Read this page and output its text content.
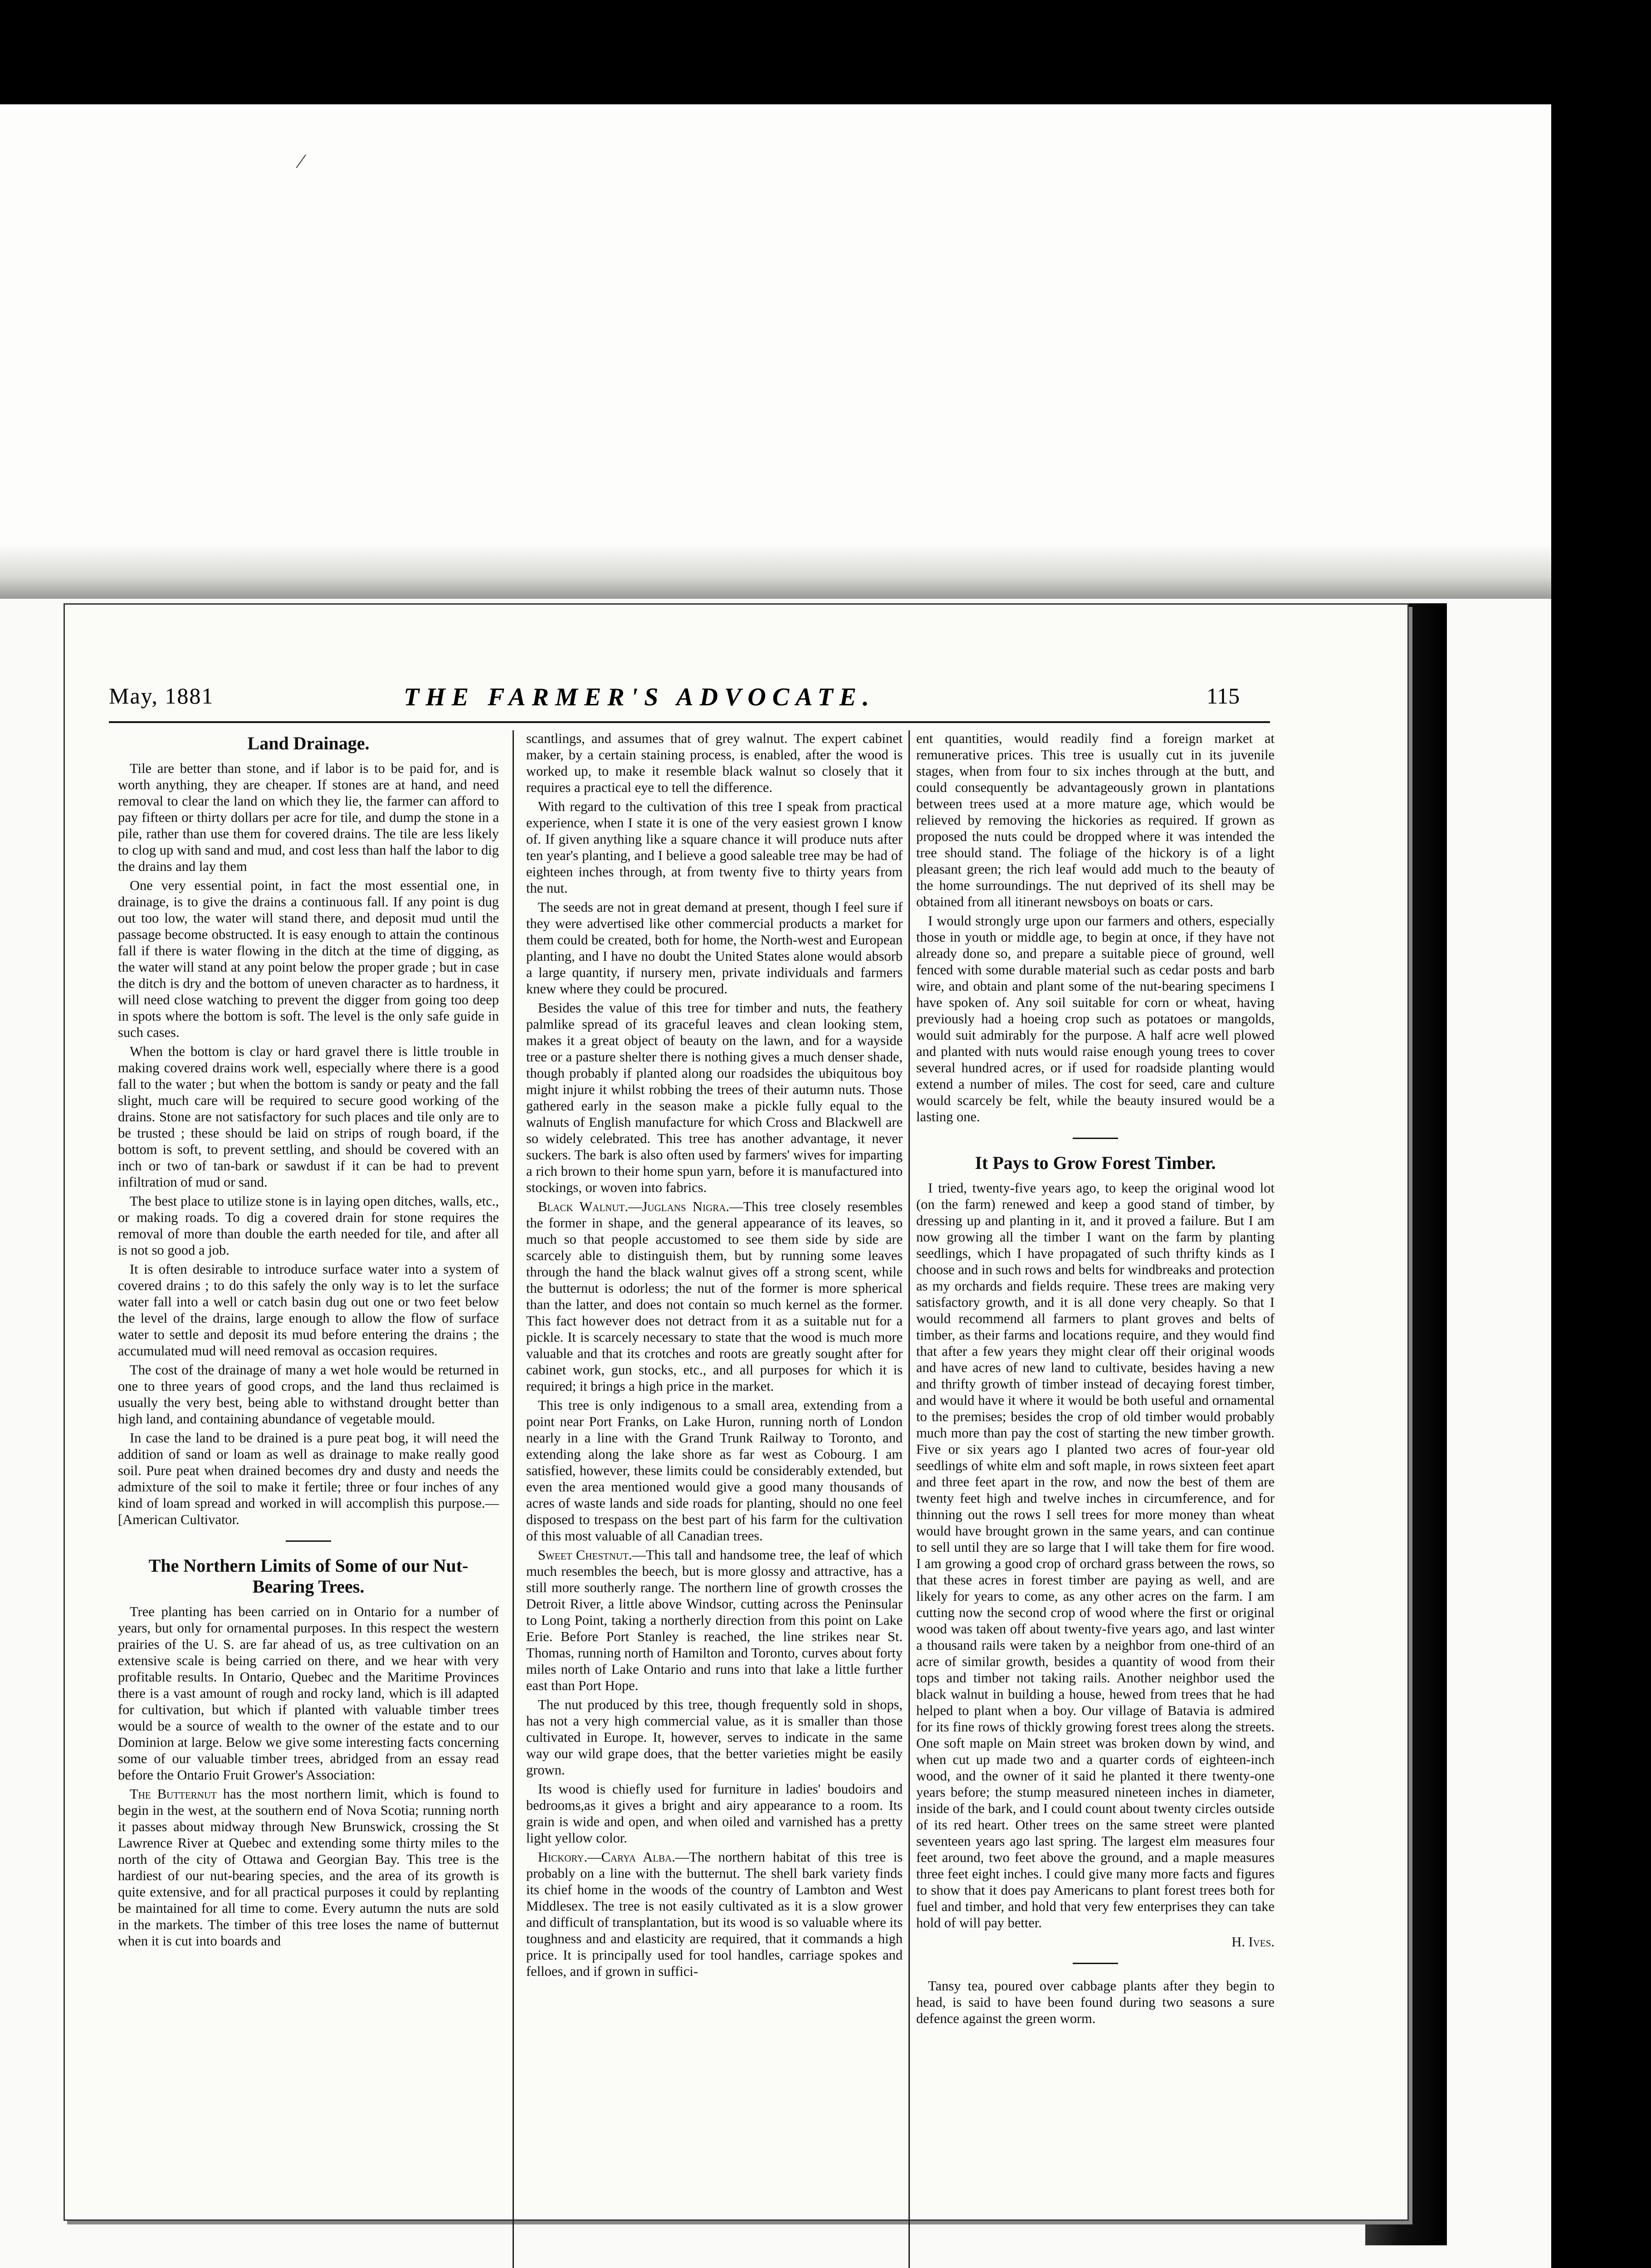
⁄
May, 1881	THE FARMER'S ADVOCATE.	115
Land Drainage.

Tile are better than stone, and if labor is to be paid for, and is worth anything, they are cheaper. If stones are at hand, and need removal to clear the land on which they lie, the farmer can afford to pay fifteen or thirty dollars per acre for tile, and dump the stone in a pile, rather than use them for covered drains. The tile are less likely to clog up with sand and mud, and cost less than half the labor to dig the drains and lay them

One very essential point, in fact the most essential one, in drainage, is to give the drains a continuous fall. If any point is dug out too low, the water will stand there, and deposit mud until the passage become obstructed. It is easy enough to attain the continous fall if there is water flowing in the ditch at the time of digging, as the water will stand at any point below the proper grade ; but in case the ditch is dry and the bottom of uneven character as to hardness, it will need close watching to prevent the digger from going too deep in spots where the bottom is soft. The level is the only safe guide in such cases.

When the bottom is clay or hard gravel there is little trouble in making covered drains work well, especially where there is a good fall to the water ; but when the bottom is sandy or peaty and the fall slight, much care will be required to secure good working of the drains. Stone are not satisfactory for such places and tile only are to be trusted ; these should be laid on strips of rough board, if the bottom is soft, to prevent settling, and should be covered with an inch or two of tan-bark or sawdust if it can be had to prevent infiltration of mud or sand.

The best place to utilize stone is in laying open ditches, walls, etc., or making roads. To dig a covered drain for stone requires the removal of more than double the earth needed for tile, and after all is not so good a job.

It is often desirable to introduce surface water into a system of covered drains ; to do this safely the only way is to let the surface water fall into a well or catch basin dug out one or two feet below the level of the drains, large enough to allow the flow of surface water to settle and deposit its mud before entering the drains ; the accumulated mud will need removal as occasion requires.

The cost of the drainage of many a wet hole would be returned in one to three years of good crops, and the land thus reclaimed is usually the very best, being able to withstand drought better than high land, and containing abundance of vegetable mould.

In case the land to be drained is a pure peat bog, it will need the addition of sand or loam as well as drainage to make really good soil. Pure peat when drained becomes dry and dusty and needs the admixture of the soil to make it fertile; three or four inches of any kind of loam spread and worked in will accomplish this purpose.—[American Cultivator.

The Northern Limits of Some of our Nut-Bearing Trees.

Tree planting has been carried on in Ontario for a number of years, but only for ornamental purposes. In this respect the western prairies of the U. S. are far ahead of us, as tree cultivation on an extensive scale is being carried on there, and we hear with very profitable results. In Ontario, Quebec and the Maritime Provinces there is a vast amount of rough and rocky land, which is ill adapted for cultivation, but which if planted with valuable timber trees would be a source of wealth to the owner of the estate and to our Dominion at large. Below we give some interesting facts concerning some of our valuable timber trees, abridged from an essay read before the Ontario Fruit Grower's Association:

The Butternut has the most northern limit, which is found to begin in the west, at the southern end of Nova Scotia; running north it passes about midway through New Brunswick, crossing the St Lawrence River at Quebec and extending some thirty miles to the north of the city of Ottawa and Georgian Bay. This tree is the hardiest of our nut-bearing species, and the area of its growth is quite extensive, and for all practical purposes it could by replanting be maintained for all time to come. Every autumn the nuts are sold in the markets. The timber of this tree loses the name of butternut when it is cut into boards and

scantlings, and assumes that of grey walnut. The expert cabinet maker, by a certain staining process, is enabled, after the wood is worked up, to make it resemble black walnut so closely that it requires a practical eye to tell the difference.

With regard to the cultivation of this tree I speak from practical experience, when I state it is one of the very easiest grown I know of. If given anything like a square chance it will produce nuts after ten year's planting, and I believe a good saleable tree may be had of eighteen inches through, at from twenty five to thirty years from the nut.

The seeds are not in great demand at present, though I feel sure if they were advertised like other commercial products a market for them could be created, both for home, the North-west and European planting, and I have no doubt the United States alone would absorb a large quantity, if nursery men, private individuals and farmers knew where they could be procured.

Besides the value of this tree for timber and nuts, the feathery palmlike spread of its graceful leaves and clean looking stem, makes it a great object of beauty on the lawn, and for a wayside tree or a pasture shelter there is nothing gives a much denser shade, though probably if planted along our roadsides the ubiquitous boy might injure it whilst robbing the trees of their autumn nuts. Those gathered early in the season make a pickle fully equal to the walnuts of English manufacture for which Cross and Blackwell are so widely celebrated. This tree has another advantage, it never suckers. The bark is also often used by farmers' wives for imparting a rich brown to their home spun yarn, before it is manufactured into stockings, or woven into fabrics.

Black Walnut.—Juglans Nigra.—This tree closely resembles the former in shape, and the general appearance of its leaves, so much so that people accustomed to see them side by side are scarcely able to distinguish them, but by running some leaves through the hand the black walnut gives off a strong scent, while the butternut is odorless; the nut of the former is more spherical than the latter, and does not contain so much kernel as the former. This fact however does not detract from it as a suitable nut for a pickle. It is scarcely necessary to state that the wood is much more valuable and that its crotches and roots are greatly sought after for cabinet work, gun stocks, etc., and all purposes for which it is required; it brings a high price in the market.

This tree is only indigenous to a small area, extending from a point near Port Franks, on Lake Huron, running north of London nearly in a line with the Grand Trunk Railway to Toronto, and extending along the lake shore as far west as Cobourg. I am satisfied, however, these limits could be considerably extended, but even the area mentioned would give a good many thousands of acres of waste lands and side roads for planting, should no one feel disposed to trespass on the best part of his farm for the cultivation of this most valuable of all Canadian trees.

Sweet Chestnut.—This tall and handsome tree, the leaf of which much resembles the beech, but is more glossy and attractive, has a still more southerly range. The northern line of growth crosses the Detroit River, a little above Windsor, cutting across the Peninsular to Long Point, taking a northerly direction from this point on Lake Erie. Before Port Stanley is reached, the line strikes near St. Thomas, running north of Hamilton and Toronto, curves about forty miles north of Lake Ontario and runs into that lake a little further east than Port Hope.

The nut produced by this tree, though frequently sold in shops, has not a very high commercial value, as it is smaller than those cultivated in Europe. It, however, serves to indicate in the same way our wild grape does, that the better varieties might be easily grown.

Its wood is chiefly used for furniture in ladies' boudoirs and bedrooms,as it gives a bright and airy appearance to a room. Its grain is wide and open, and when oiled and varnished has a pretty light yellow color.

Hickory.—Carya Alba.—The northern habitat of this tree is probably on a line with the butternut. The shell bark variety finds its chief home in the woods of the country of Lambton and West Middlesex. The tree is not easily cultivated as it is a slow grower and difficult of transplantation, but its wood is so valuable where its toughness and and elasticity are required, that it commands a high price. It is principally used for tool handles, carriage spokes and felloes, and if grown in suffici-

ent quantities, would readily find a foreign market at remunerative prices. This tree is usually cut in its juvenile stages, when from four to six inches through at the butt, and could consequently be advantageously grown in plantations between trees used at a more mature age, which would be relieved by removing the hickories as required. If grown as proposed the nuts could be dropped where it was intended the tree should stand. The foliage of the hickory is of a light pleasant green; the rich leaf would add much to the beauty of the home surroundings. The nut deprived of its shell may be obtained from all itinerant newsboys on boats or cars.

I would strongly urge upon our farmers and others, especially those in youth or middle age, to begin at once, if they have not already done so, and prepare a suitable piece of ground, well fenced with some durable material such as cedar posts and barb wire, and obtain and plant some of the nut-bearing specimens I have spoken of. Any soil suitable for corn or wheat, having previously had a hoeing crop such as potatoes or mangolds, would suit admirably for the purpose. A half acre well plowed and planted with nuts would raise enough young trees to cover several hundred acres, or if used for roadside planting would extend a number of miles. The cost for seed, care and culture would scarcely be felt, while the beauty insured would be a lasting one.

It Pays to Grow Forest Timber.

I tried, twenty-five years ago, to keep the original wood lot (on the farm) renewed and keep a good stand of timber, by dressing up and planting in it, and it proved a failure. But I am now growing all the timber I want on the farm by planting seedlings, which I have propagated of such thrifty kinds as I choose and in such rows and belts for windbreaks and protection as my orchards and fields require. These trees are making very satisfactory growth, and it is all done very cheaply. So that I would recommend all farmers to plant groves and belts of timber, as their farms and locations require, and they would find that after a few years they might clear off their original woods and have acres of new land to cultivate, besides having a new and thrifty growth of timber instead of decaying forest timber, and would have it where it would be both useful and ornamental to the premises; besides the crop of old timber would probably much more than pay the cost of starting the new timber growth. Five or six years ago I planted two acres of four-year old seedlings of white elm and soft maple, in rows sixteen feet apart and three feet apart in the row, and now the best of them are twenty feet high and twelve inches in circumference, and for thinning out the rows I sell trees for more money than wheat would have brought grown in the same years, and can continue to sell until they are so large that I will take them for fire wood. I am growing a good crop of orchard grass between the rows, so that these acres in forest timber are paying as well, and are likely for years to come, as any other acres on the farm. I am cutting now the second crop of wood where the first or original wood was taken off about twenty-five years ago, and last winter a thousand rails were taken by a neighbor from one-third of an acre of similar growth, besides a quantity of wood from their tops and timber not taking rails. Another neighbor used the black walnut in building a house, hewed from trees that he had helped to plant when a boy. Our village of Batavia is admired for its fine rows of thickly growing forest trees along the streets. One soft maple on Main street was broken down by wind, and when cut up made two and a quarter cords of eighteen-inch wood, and the owner of it said he planted it there twenty-one years before; the stump measured nineteen inches in diameter, inside of the bark, and I could count about twenty circles outside of its red heart. Other trees on the same street were planted seventeen years ago last spring. The largest elm measures four feet around, two feet above the ground, and a maple measures three feet eight inches. I could give many more facts and figures to show that it does pay Americans to plant forest trees both for fuel and timber, and hold that very few enterprises they can take hold of will pay better.

H. Ives.

Tansy tea, poured over cabbage plants after they begin to head, is said to have been found during two seasons a sure defence against the green worm.
